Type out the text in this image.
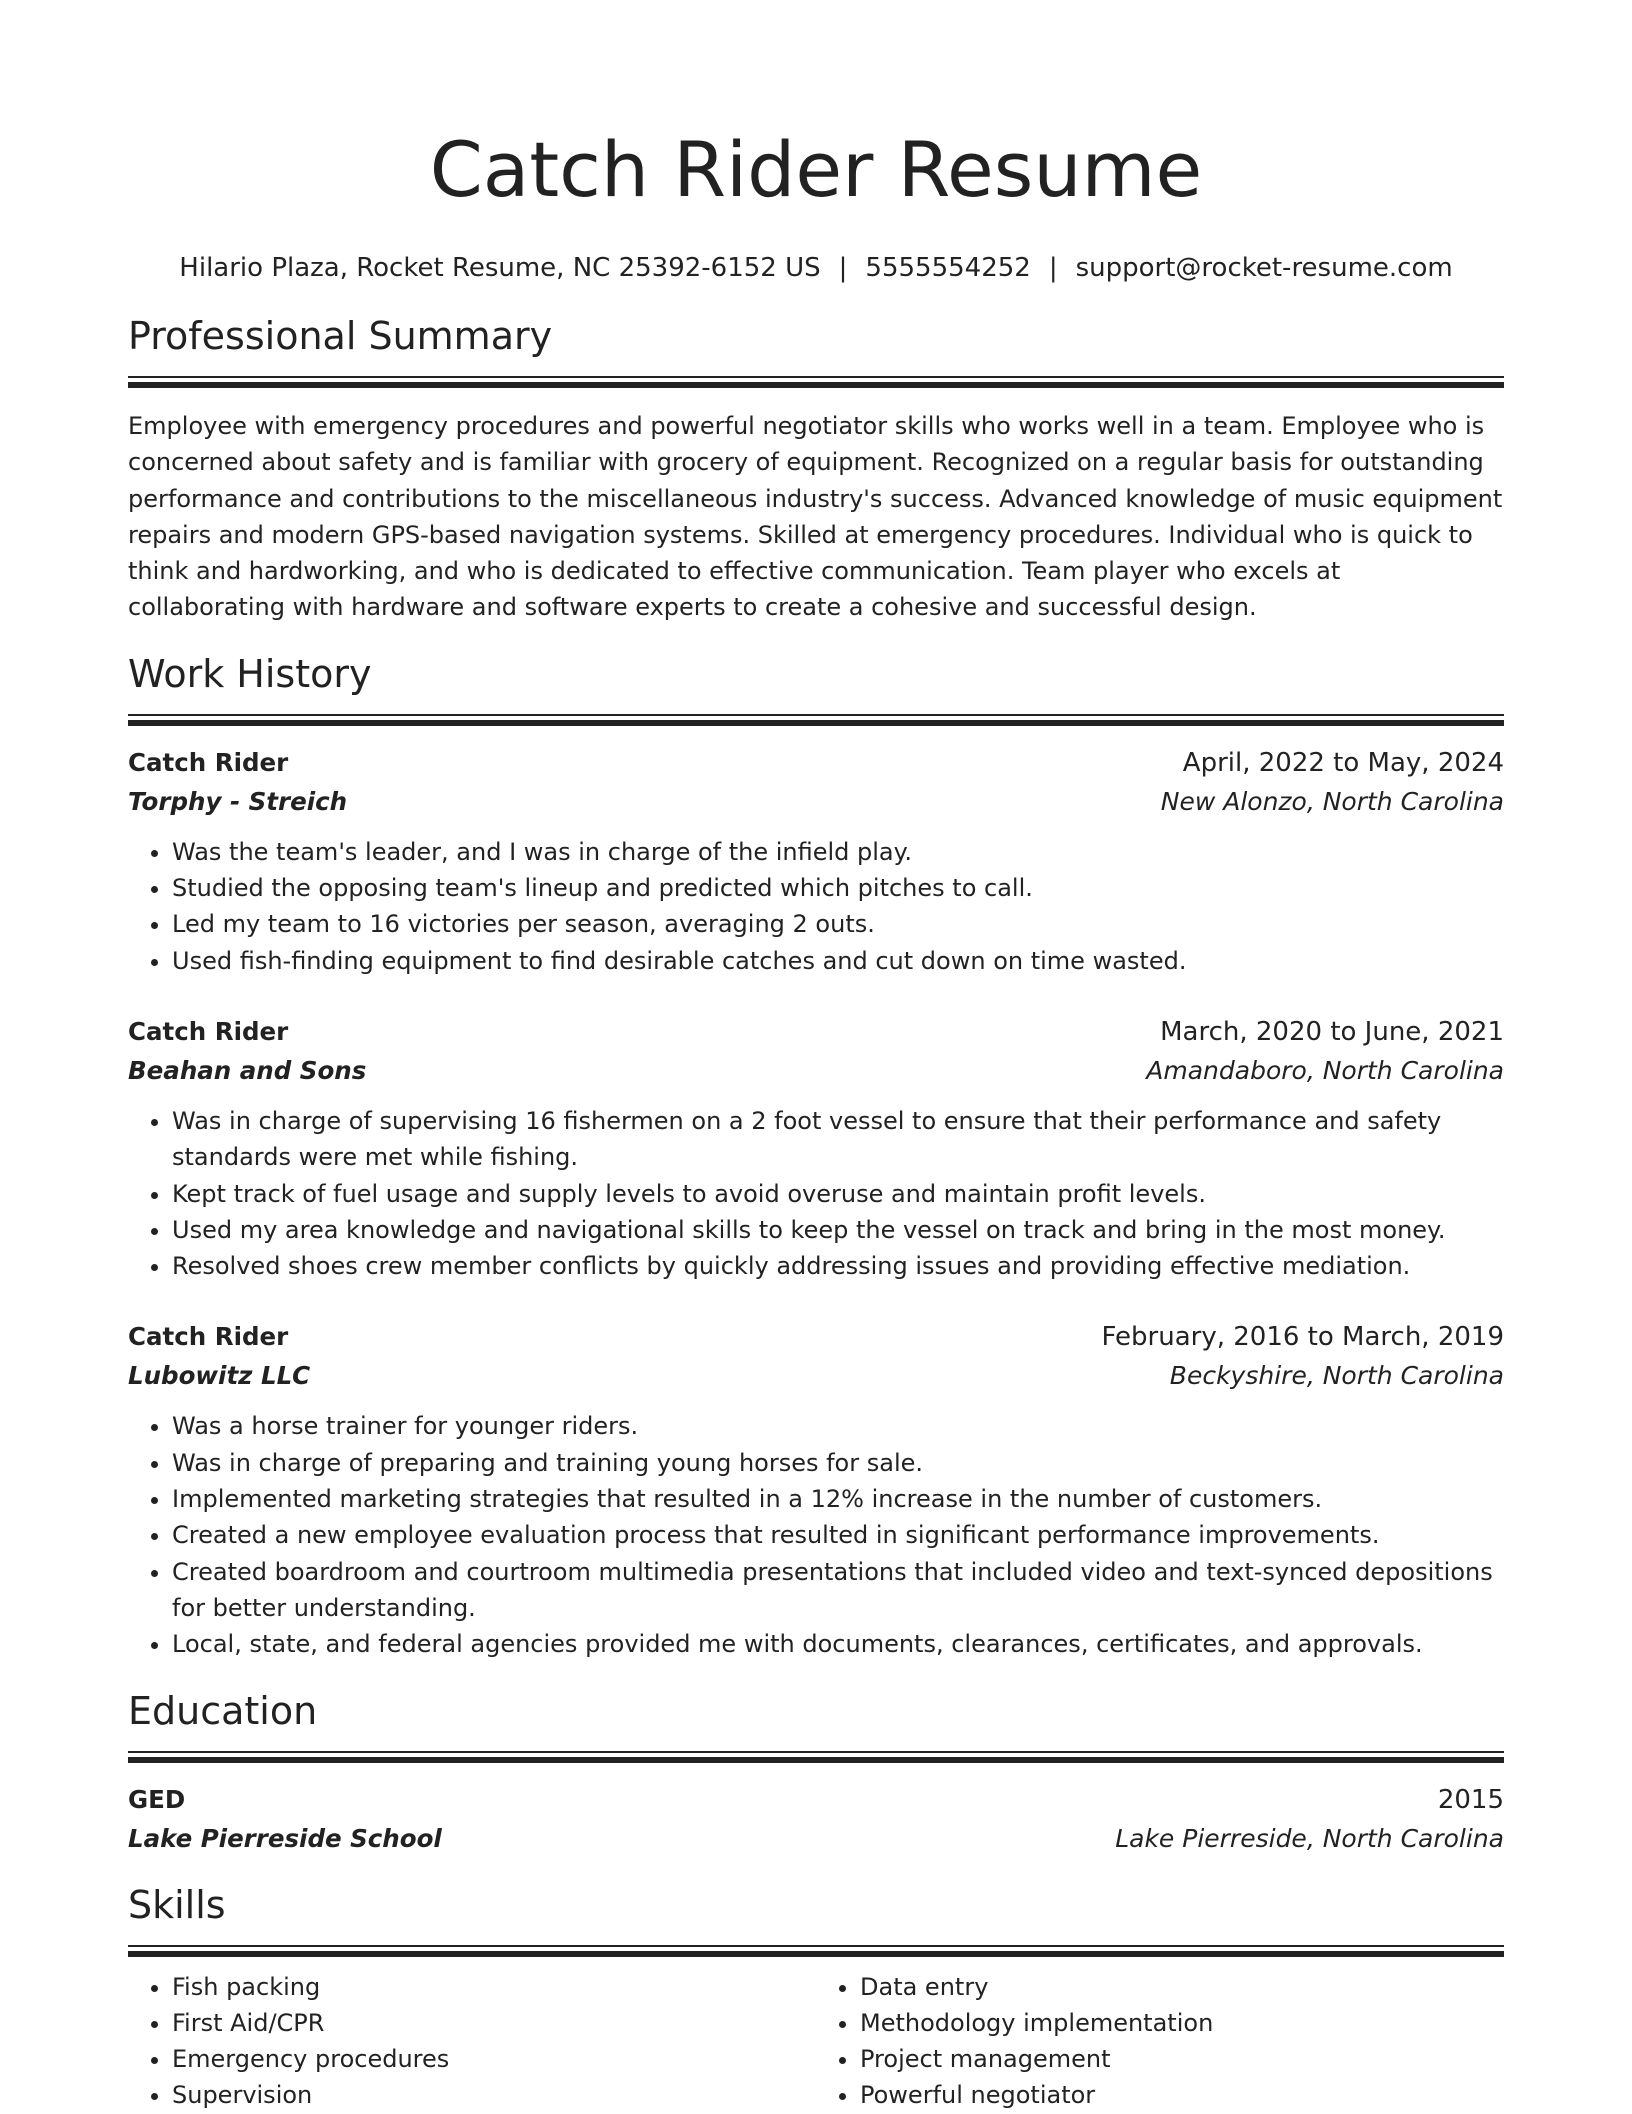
Catch Rider Resume
Hilario Plaza, Rocket Resume, NC 25392-6152 US | 5555554252 | support@rocket-resume.com
Professional Summary

Employee with emergency procedures and powerful negotiator skills who works well in a team. Employee who is concerned about safety and is familiar with grocery of equipment. Recognized on a regular basis for outstanding performance and contributions to the miscellaneous industry's success. Advanced knowledge of music equipment repairs and modern GPS-based navigation systems. Skilled at emergency procedures. Individual who is quick to think and hardworking, and who is dedicated to effective communication. Team player who excels at collaborating with hardware and software experts to create a cohesive and successful design.

Work History
Catch Rider	April, 2022 to May, 2024
Torphy - Streich	New Alonzo, North Carolina
• Was the team's leader, and I was in charge of the infield play.
• Studied the opposing team's lineup and predicted which pitches to call.
• Led my team to 16 victories per season, averaging 2 outs.
• Used fish-finding equipment to find desirable catches and cut down on time wasted.
Catch Rider	March, 2020 to June, 2021
Beahan and Sons	Amandaboro, North Carolina
• Was in charge of supervising 16 fishermen on a 2 foot vessel to ensure that their performance and safety standards were met while fishing.
• Kept track of fuel usage and supply levels to avoid overuse and maintain profit levels.
• Used my area knowledge and navigational skills to keep the vessel on track and bring in the most money.
• Resolved shoes crew member conflicts by quickly addressing issues and providing effective mediation.
Catch Rider	February, 2016 to March, 2019
Lubowitz LLC	Beckyshire, North Carolina
• Was a horse trainer for younger riders.
• Was in charge of preparing and training young horses for sale.
• Implemented marketing strategies that resulted in a 12% increase in the number of customers.
• Created a new employee evaluation process that resulted in significant performance improvements.
• Created boardroom and courtroom multimedia presentations that included video and text-synced depositions for better understanding.
• Local, state, and federal agencies provided me with documents, clearances, certificates, and approvals.
Education
GED	2015
Lake Pierreside School	Lake Pierreside, North Carolina
Skills
• Fish packing
• First Aid/CPR
• Emergency procedures
• Supervision
• Data entry
• Methodology implementation
• Project management
• Powerful negotiator
